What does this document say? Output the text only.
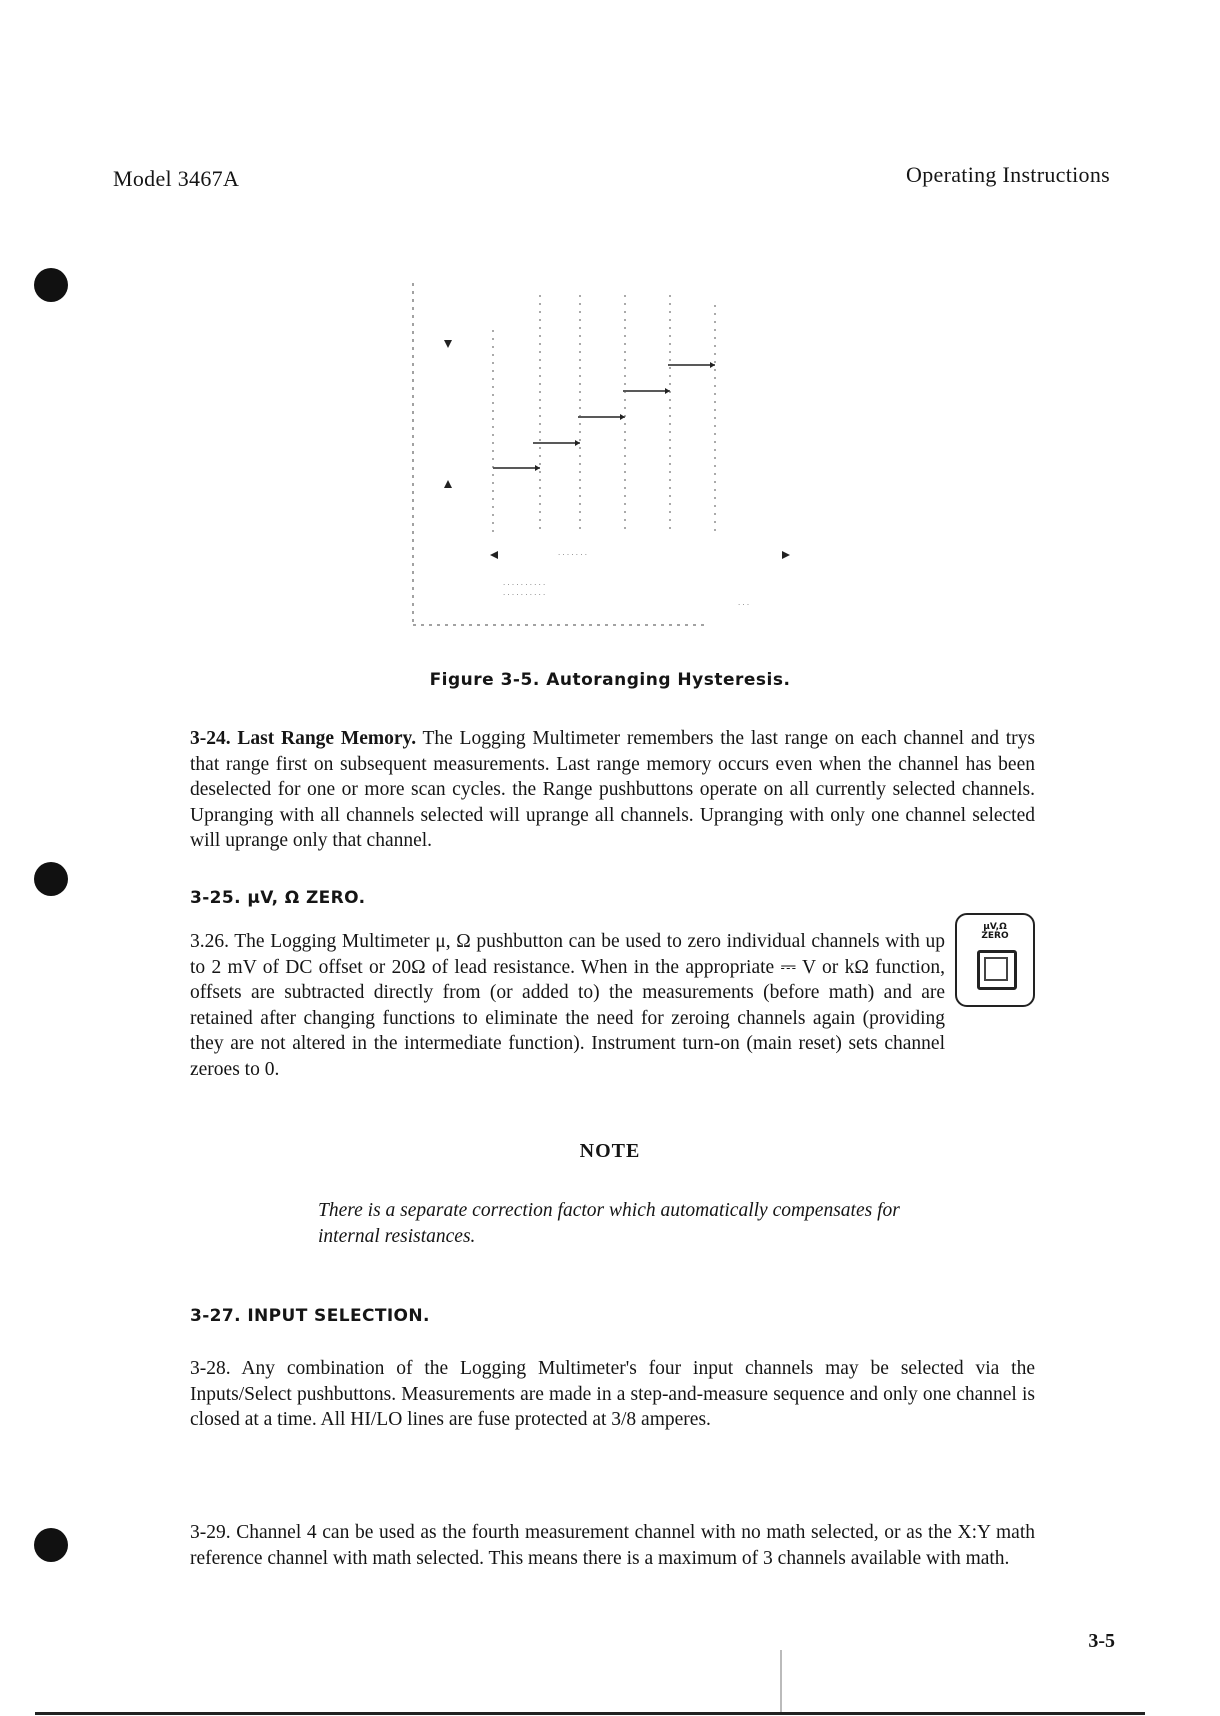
Model 3467A	Operating Instructions
· · · · · · ·
· · · · · · · · · ·
· · · · · · · · · ·
· · ·
Figure 3-5. Autoranging Hysteresis.
3-24. Last Range Memory. The Logging Multimeter remembers the last range on each channel and trys that range first on subsequent measurements. Last range memory occurs even when the channel has been deselected for one or more scan cycles. the Range pushbuttons operate on all currently selected channels. Upranging with all channels selected will uprange all channels. Upranging with only one channel selected will uprange only that channel.
3-25. μV, Ω ZERO.
μV,Ω
ZERO
3.26. The Logging Multimeter μ, Ω pushbutton can be used to zero individual channels with up to 2 mV of DC offset or 20Ω of lead resistance. When in the appropriate ⎓ V or kΩ function, offsets are subtracted directly from (or added to) the measurements (before math) and are retained after changing functions to eliminate the need for zeroing channels again (providing they are not altered in the intermediate function). Instrument turn-on (main reset) sets channel zeroes to 0.
NOTE
There is a separate correction factor which automatically compensates for internal resistances.
3-27. INPUT SELECTION.
3-28. Any combination of the Logging Multimeter's four input channels may be selected via the Inputs/Select pushbuttons. Measurements are made in a step-and-measure sequence and only one channel is closed at a time. All HI/LO lines are fuse protected at 3/8 amperes.
3-29. Channel 4 can be used as the fourth measurement channel with no math selected, or as the X:Y math reference channel with math selected. This means there is a maximum of 3 channels available with math.
3-5
